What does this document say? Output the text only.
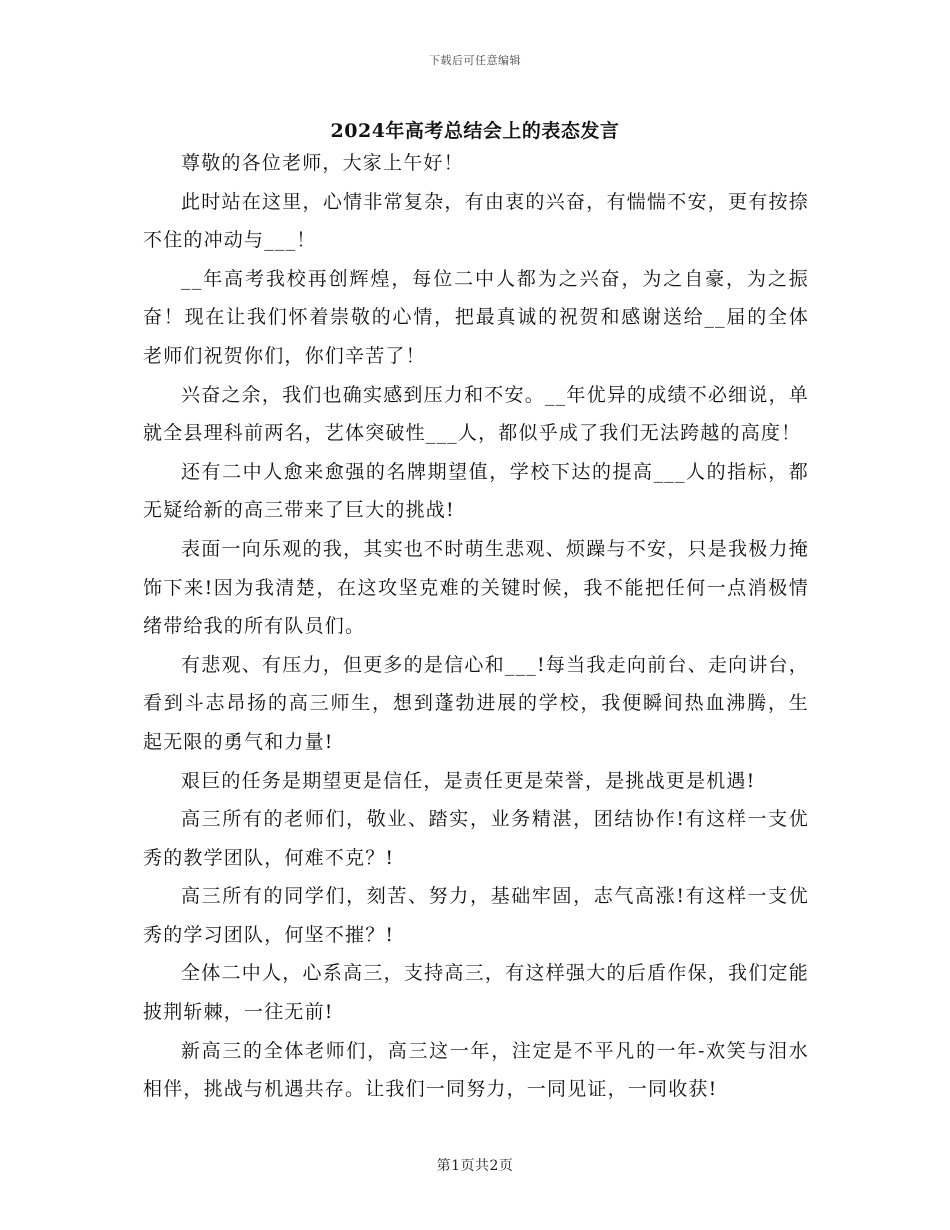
下载后可任意编辑
2024年高考总结会上的表态发言

尊敬的各位老师，大家上午好！

此时站在这里，心情非常复杂，有由衷的兴奋，有惴惴不安，更有按捺不住的冲动与___！

__年高考我校再创辉煌，每位二中人都为之兴奋，为之自豪，为之振奋！现在让我们怀着崇敬的心情，把最真诚的祝贺和感谢送给__届的全体老师们祝贺你们，你们辛苦了！

兴奋之余，我们也确实感到压力和不安。__年优异的成绩不必细说，单就全县理科前两名，艺体突破性___人，都似乎成了我们无法跨越的高度！

还有二中人愈来愈强的名牌期望值，学校下达的提高___人的指标，都无疑给新的高三带来了巨大的挑战!

表面一向乐观的我，其实也不时萌生悲观、烦躁与不安，只是我极力掩饰下来!因为我清楚，在这攻坚克难的关键时候，我不能把任何一点消极情绪带给我的所有队员们。

有悲观、有压力，但更多的是信心和___!每当我走向前台、走向讲台，看到斗志昂扬的高三师生，想到蓬勃进展的学校，我便瞬间热血沸腾，生起无限的勇气和力量!

艰巨的任务是期望更是信任，是责任更是荣誉，是挑战更是机遇!

高三所有的老师们，敬业、踏实，业务精湛，团结协作!有这样一支优秀的教学团队，何难不克？!

高三所有的同学们，刻苦、努力，基础牢固，志气高涨!有这样一支优秀的学习团队，何坚不摧？!

全体二中人，心系高三，支持高三，有这样强大的后盾作保，我们定能披荆斩棘，一往无前!

新高三的全体老师们，高三这一年，注定是不平凡的一年-欢笑与泪水相伴，挑战与机遇共存。让我们一同努力，一同见证，一同收获!

第1页共2页
